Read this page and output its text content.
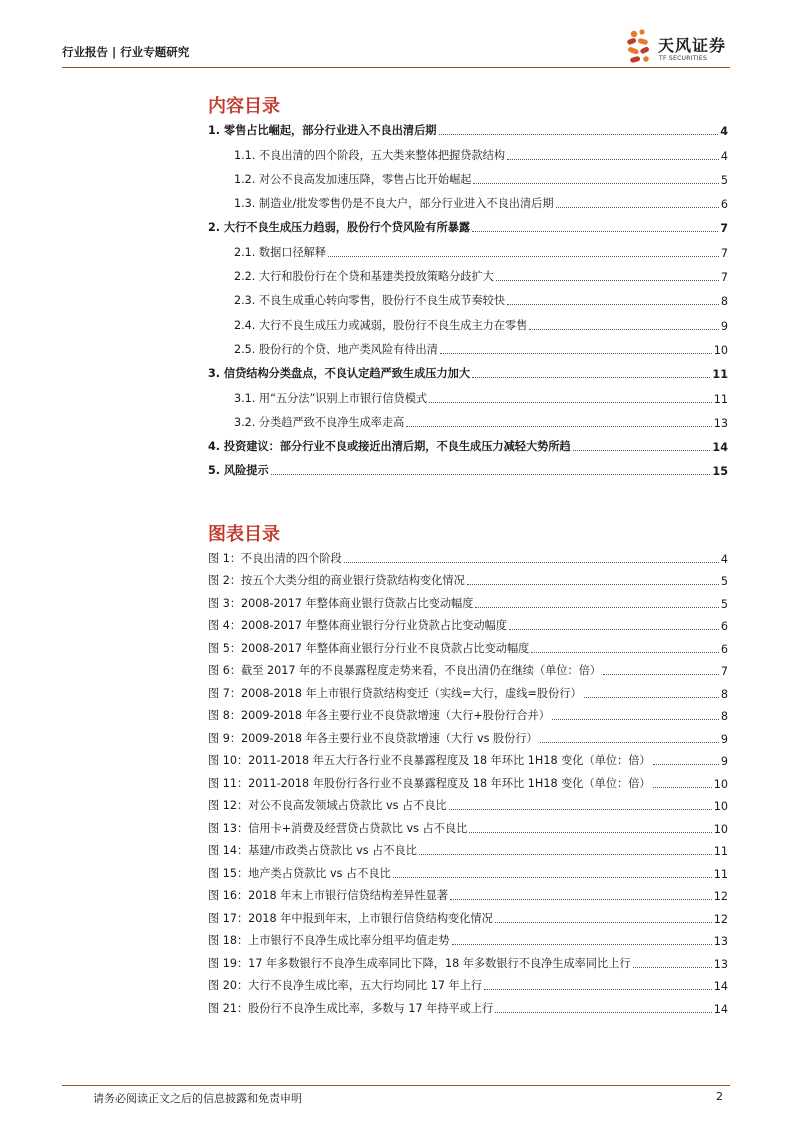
行业报告 | 行业专题研究	天风证券
TF SECURITIES
内容目录
1. 零售占比崛起，部分行业进入不良出清后期	4
1.1. 不良出清的四个阶段，五大类来整体把握贷款结构	4
1.2. 对公不良高发加速压降，零售占比开始崛起	5
1.3. 制造业/批发零售仍是不良大户，部分行业进入不良出清后期	6
2. 大行不良生成压力趋弱，股份行个贷风险有所暴露	7
2.1. 数据口径解释	7
2.2. 大行和股份行在个贷和基建类投放策略分歧扩大	7
2.3. 不良生成重心转向零售，股份行不良生成节奏较快	8
2.4. 大行不良生成压力或减弱，股份行不良生成主力在零售	9
2.5. 股份行的个贷、地产类风险有待出清	10
3. 信贷结构分类盘点，不良认定趋严致生成压力加大	11
3.1. 用“五分法”识别上市银行信贷模式	11
3.2. 分类趋严致不良净生成率走高	13
4. 投资建议：部分行业不良或接近出清后期，不良生成压力减轻大势所趋	14
5. 风险提示	15
图表目录
图 1：不良出清的四个阶段	4
图 2：按五个大类分组的商业银行贷款结构变化情况	5
图 3：2008-2017 年整体商业银行贷款占比变动幅度	5
图 4：2008-2017 年整体商业银行分行业贷款占比变动幅度	6
图 5：2008-2017 年整体商业银行分行业不良贷款占比变动幅度	6
图 6：截至 2017 年的不良暴露程度走势来看，不良出清仍在继续（单位：倍）	7
图 7：2008-2018 年上市银行贷款结构变迁（实线=大行，虚线=股份行）	8
图 8：2009-2018 年各主要行业不良贷款增速（大行+股份行合并）	8
图 9：2009-2018 年各主要行业不良贷款增速（大行 vs 股份行）	9
图 10：2011-2018 年五大行各行业不良暴露程度及 18 年环比 1H18 变化（单位：倍）	9
图 11：2011-2018 年股份行各行业不良暴露程度及 18 年环比 1H18 变化（单位：倍）	10
图 12：对公不良高发领域占贷款比 vs 占不良比	10
图 13：信用卡+消费及经营贷占贷款比 vs 占不良比	10
图 14：基建/市政类占贷款比 vs 占不良比	11
图 15：地产类占贷款比 vs 占不良比	11
图 16：2018 年末上市银行信贷结构差异性显著	12
图 17：2018 年中报到年末，上市银行信贷结构变化情况	12
图 18：上市银行不良净生成比率分组平均值走势	13
图 19：17 年多数银行不良净生成率同比下降，18 年多数银行不良净生成率同比上行	13
图 20：大行不良净生成比率，五大行均同比 17 年上行	14
图 21：股份行不良净生成比率，多数与 17 年持平或上行	14
请务必阅读正文之后的信息披露和免责申明	2
